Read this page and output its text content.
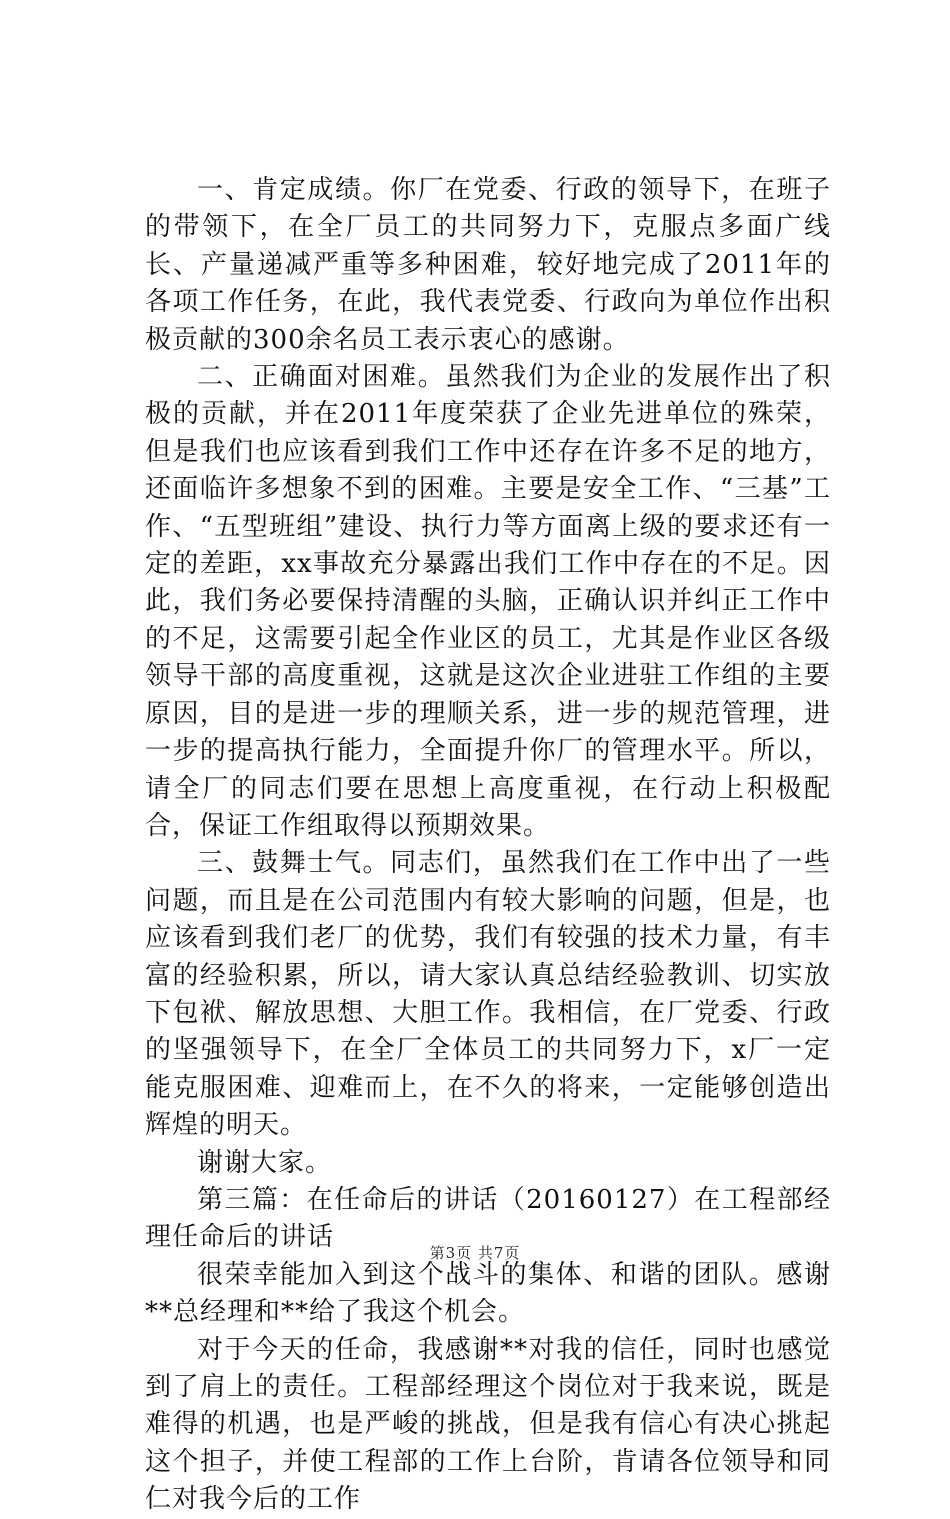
一、肯定成绩。你厂在党委、行政的领导下，在班子的带领下，在全厂员工的共同努力下，克服点多面广线长、产量递减严重等多种困难，较好地完成了2011年的各项工作任务，在此，我代表党委、行政向为单位作出积极贡献的300余名员工表示衷心的感谢。

二、正确面对困难。虽然我们为企业的发展作出了积极的贡献，并在2011年度荣获了企业先进单位的殊荣，但是我们也应该看到我们工作中还存在许多不足的地方，还面临许多想象不到的困难。主要是安全工作、“三基”工作、“五型班组”建设、执行力等方面离上级的要求还有一定的差距，xx事故充分暴露出我们工作中存在的不足。因此，我们务必要保持清醒的头脑，正确认识并纠正工作中的不足，这需要引起全作业区的员工，尤其是作业区各级领导干部的高度重视，这就是这次企业进驻工作组的主要原因，目的是进一步的理顺关系，进一步的规范管理，进一步的提高执行能力，全面提升你厂的管理水平。所以，请全厂的同志们要在思想上高度重视，在行动上积极配合，保证工作组取得以预期效果。

三、鼓舞士气。同志们，虽然我们在工作中出了一些问题，而且是在公司范围内有较大影响的问题，但是，也应该看到我们老厂的优势，我们有较强的技术力量，有丰富的经验积累，所以，请大家认真总结经验教训、切实放下包袱、解放思想、大胆工作。我相信，在厂党委、行政的坚强领导下，在全厂全体员工的共同努力下，x厂一定能克服困难、迎难而上，在不久的将来，一定能够创造出辉煌的明天。

谢谢大家。

第三篇：在任命后的讲话（20160127）在工程部经理任命后的讲话

很荣幸能加入到这个战斗的集体、和谐的团队。感谢**总经理和**给了我这个机会。

对于今天的任命，我感谢**对我的信任，同时也感觉到了肩上的责任。工程部经理这个岗位对于我来说，既是难得的机遇，也是严峻的挑战，但是我有信心有决心挑起这个担子，并使工程部的工作上台阶，肯请各位领导和同仁对我今后的工作

第3页 共7页
